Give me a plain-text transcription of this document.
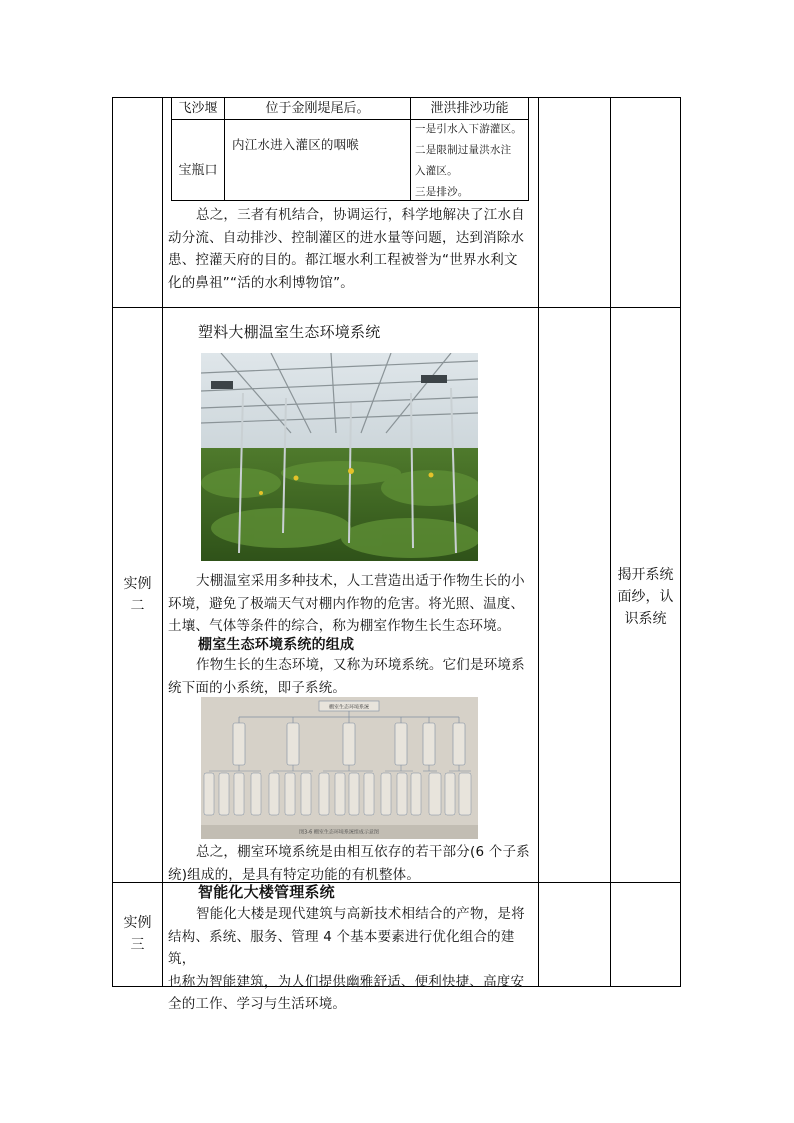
飞沙堰	位于金刚堤尾后。	泄洪排沙功能
宝瓶口
内江水进入灌区的咽喉
一是引水入下游灌区。
二是限制过量洪水注
入灌区。
三是排沙。
总之，三者有机结合，协调运行，科学地解决了江水自
动分流、自动排沙、控制灌区的进水量等问题，达到消除水
患、控灌天府的目的。都江堰水利工程被誉为“世界水利文
化的鼻祖”“活的水利博物馆”。
实例
二
塑料大棚温室生态环境系统
大棚温室采用多种技术，人工营造出适于作物生长的小
环境，避免了极端天气对棚内作物的危害。将光照、温度、
土壤、气体等条件的综合，称为棚室作物生长生态环境。
棚室生态环境系统的组成
作物生长的生态环境，又称为环境系统。它们是环境系
统下面的小系统，即子系统。
棚室生态环境系统
图3-6 棚室生态环境系统组成示意图
总之，棚室环境系统是由相互依存的若干部分(6 个子系
统)组成的，是具有特定功能的有机整体。
揭开系统
面纱，认
识系统
实例
三
智能化大楼管理系统
智能化大楼是现代建筑与高新技术相结合的产物，是将
结构、系统、服务、管理 4 个基本要素进行优化组合的建筑，
也称为智能建筑，为人们提供幽雅舒适、便利快捷、高度安
全的工作、学习与生活环境。
